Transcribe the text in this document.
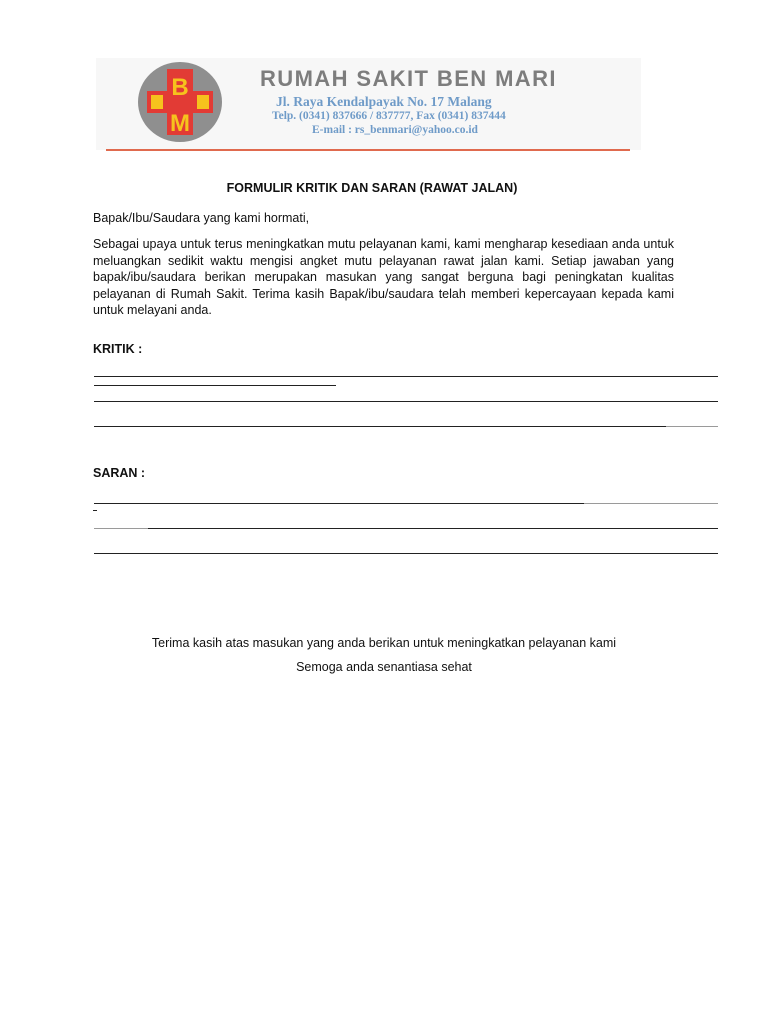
B
M
RUMAH SAKIT BEN MARI
Jl. Raya Kendalpayak No. 17 Malang
Telp. (0341) 837666 / 837777, Fax (0341) 837444
E-mail : rs_benmari@yahoo.co.id
FORMULIR KRITIK DAN SARAN (RAWAT JALAN)
Bapak/Ibu/Saudara yang kami hormati,
Sebagai upaya untuk terus meningkatkan mutu pelayanan kami, kami mengharap kesediaan anda untuk meluangkan sedikit waktu mengisi angket mutu pelayanan rawat jalan kami. Setiap jawaban yang bapak/ibu/saudara berikan merupakan masukan yang sangat berguna bagi peningkatan kualitas pelayanan di Rumah Sakit. Terima kasih Bapak/ibu/saudara telah memberi kepercayaan kepada kami untuk melayani anda.
KRITIK :
SARAN :
Terima kasih atas masukan yang anda berikan untuk meningkatkan pelayanan kami
Semoga anda senantiasa sehat
